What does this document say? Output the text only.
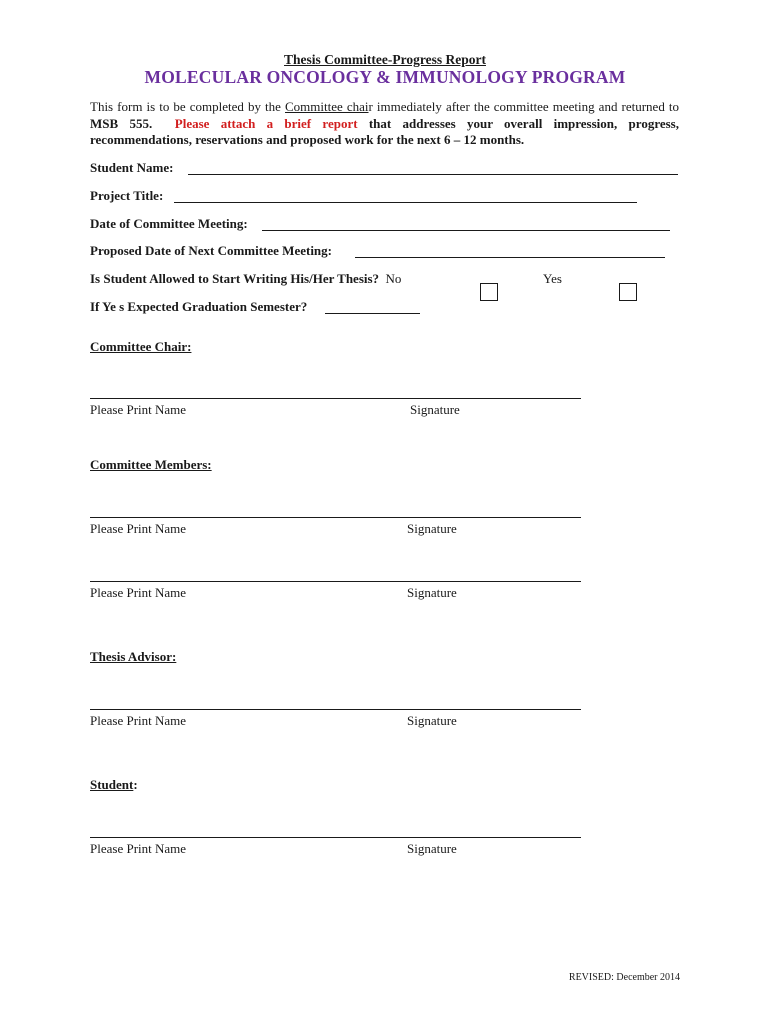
Thesis Committee-Progress Report
MOLECULAR ONCOLOGY & IMMUNOLOGY PROGRAM
This form is to be completed by the Committee chair immediately after the committee meeting and returned to MSB 555. Please attach a brief report that addresses your overall impression, progress, recommendations, reservations and proposed work for the next 6 – 12 months.
Student Name:
Project Title:
Date of Committee Meeting:
Proposed Date of Next Committee Meeting:
Is Student Allowed to Start Writing His/Her Thesis? No	Yes
If Ye s Expected Graduation Semester?
Committee Chair:
Please Print Name	Signature
Committee Members:
Please Print Name	Signature
Please Print Name	Signature
Thesis Advisor:
Please Print Name	Signature
Student:
Please Print Name	Signature
REVISED: December 2014
